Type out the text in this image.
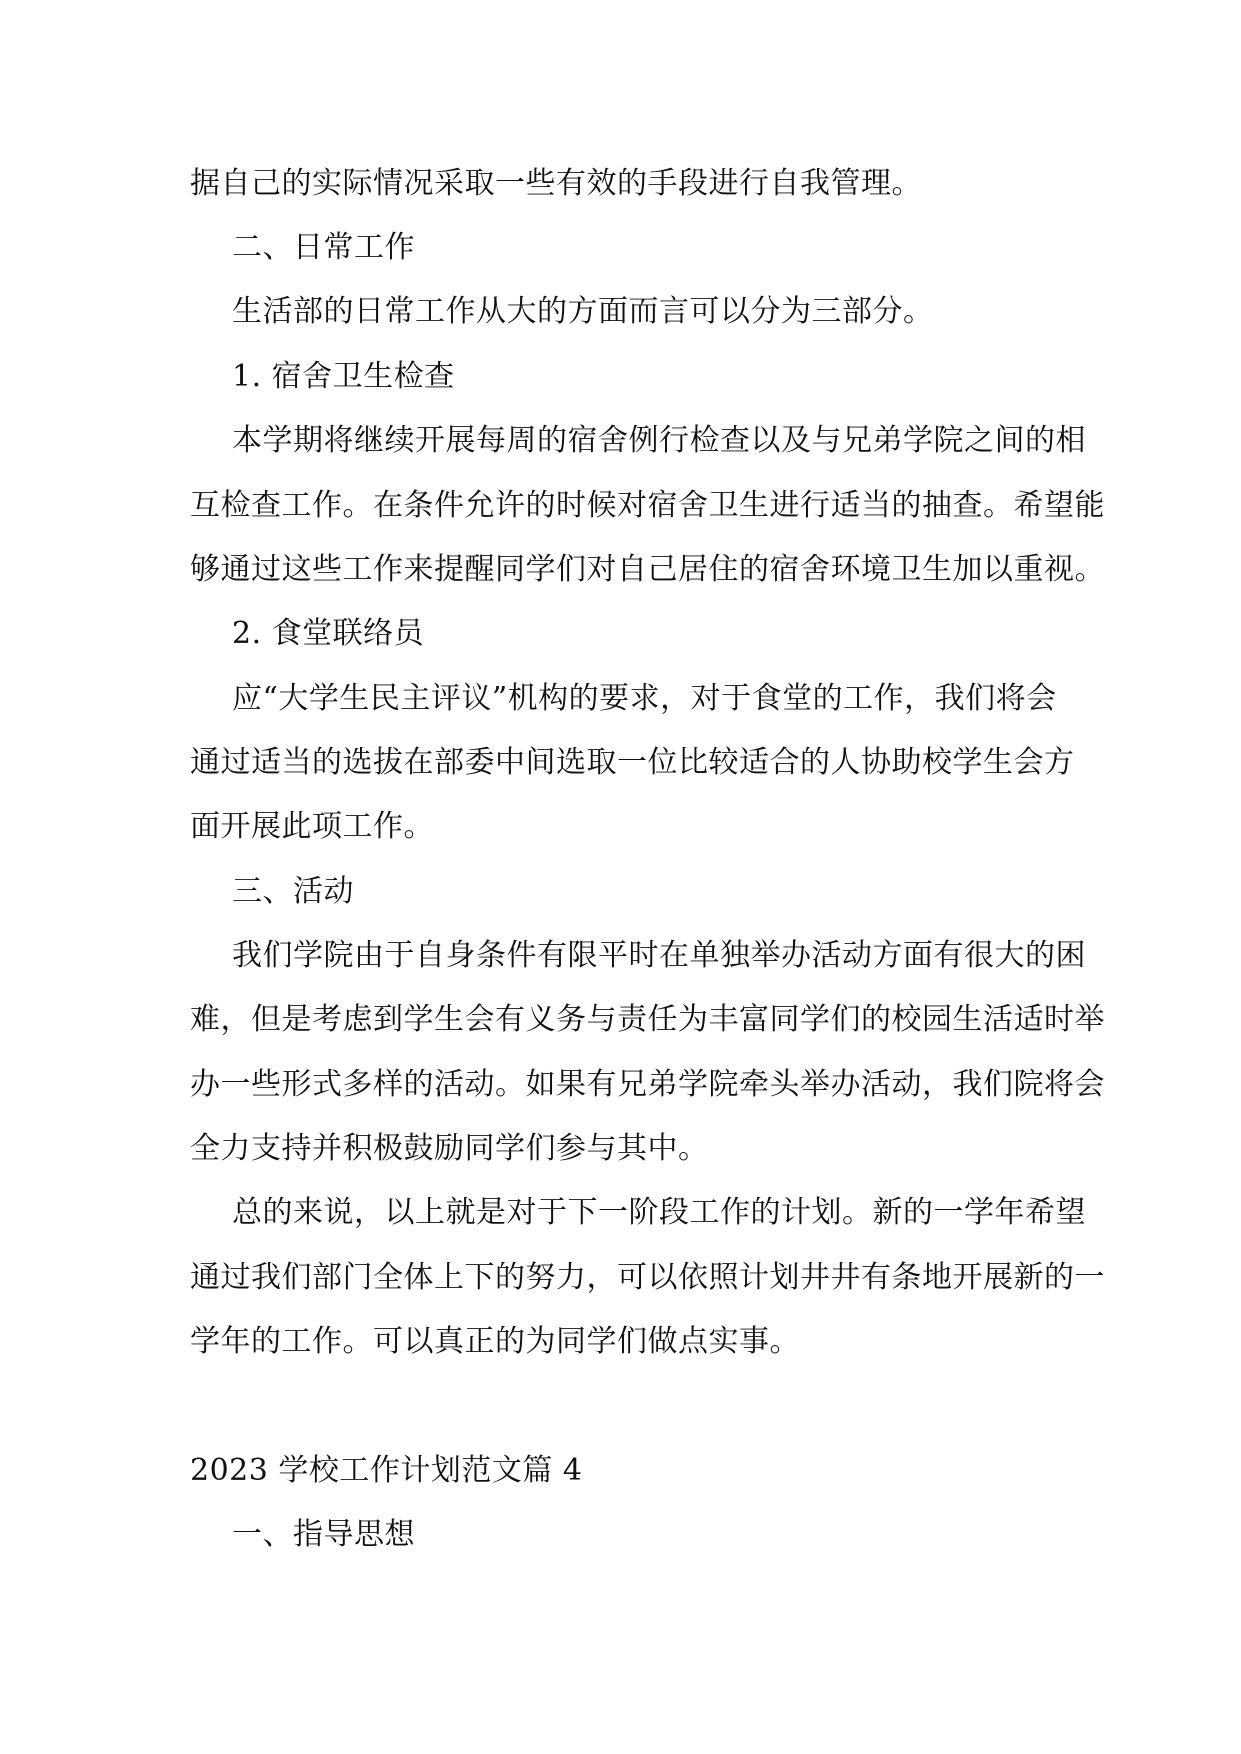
据自己的实际情况采取一些有效的手段进行自我管理。
二、日常工作
生活部的日常工作从大的方面而言可以分为三部分。
1. 宿舍卫生检查
本学期将继续开展每周的宿舍例行检查以及与兄弟学院之间的相
互检查工作。在条件允许的时候对宿舍卫生进行适当的抽查。希望能
够通过这些工作来提醒同学们对自己居住的宿舍环境卫生加以重视。
2. 食堂联络员
应“大学生民主评议”机构的要求，对于食堂的工作，我们将会
通过适当的选拔在部委中间选取一位比较适合的人协助校学生会方
面开展此项工作。
三、活动
我们学院由于自身条件有限平时在单独举办活动方面有很大的困
难，但是考虑到学生会有义务与责任为丰富同学们的校园生活适时举
办一些形式多样的活动。如果有兄弟学院牵头举办活动，我们院将会
全力支持并积极鼓励同学们参与其中。
总的来说，以上就是对于下一阶段工作的计划。新的一学年希望
通过我们部门全体上下的努力，可以依照计划井井有条地开展新的一
学年的工作。可以真正的为同学们做点实事。
2023 学校工作计划范文篇 4
一、指导思想
